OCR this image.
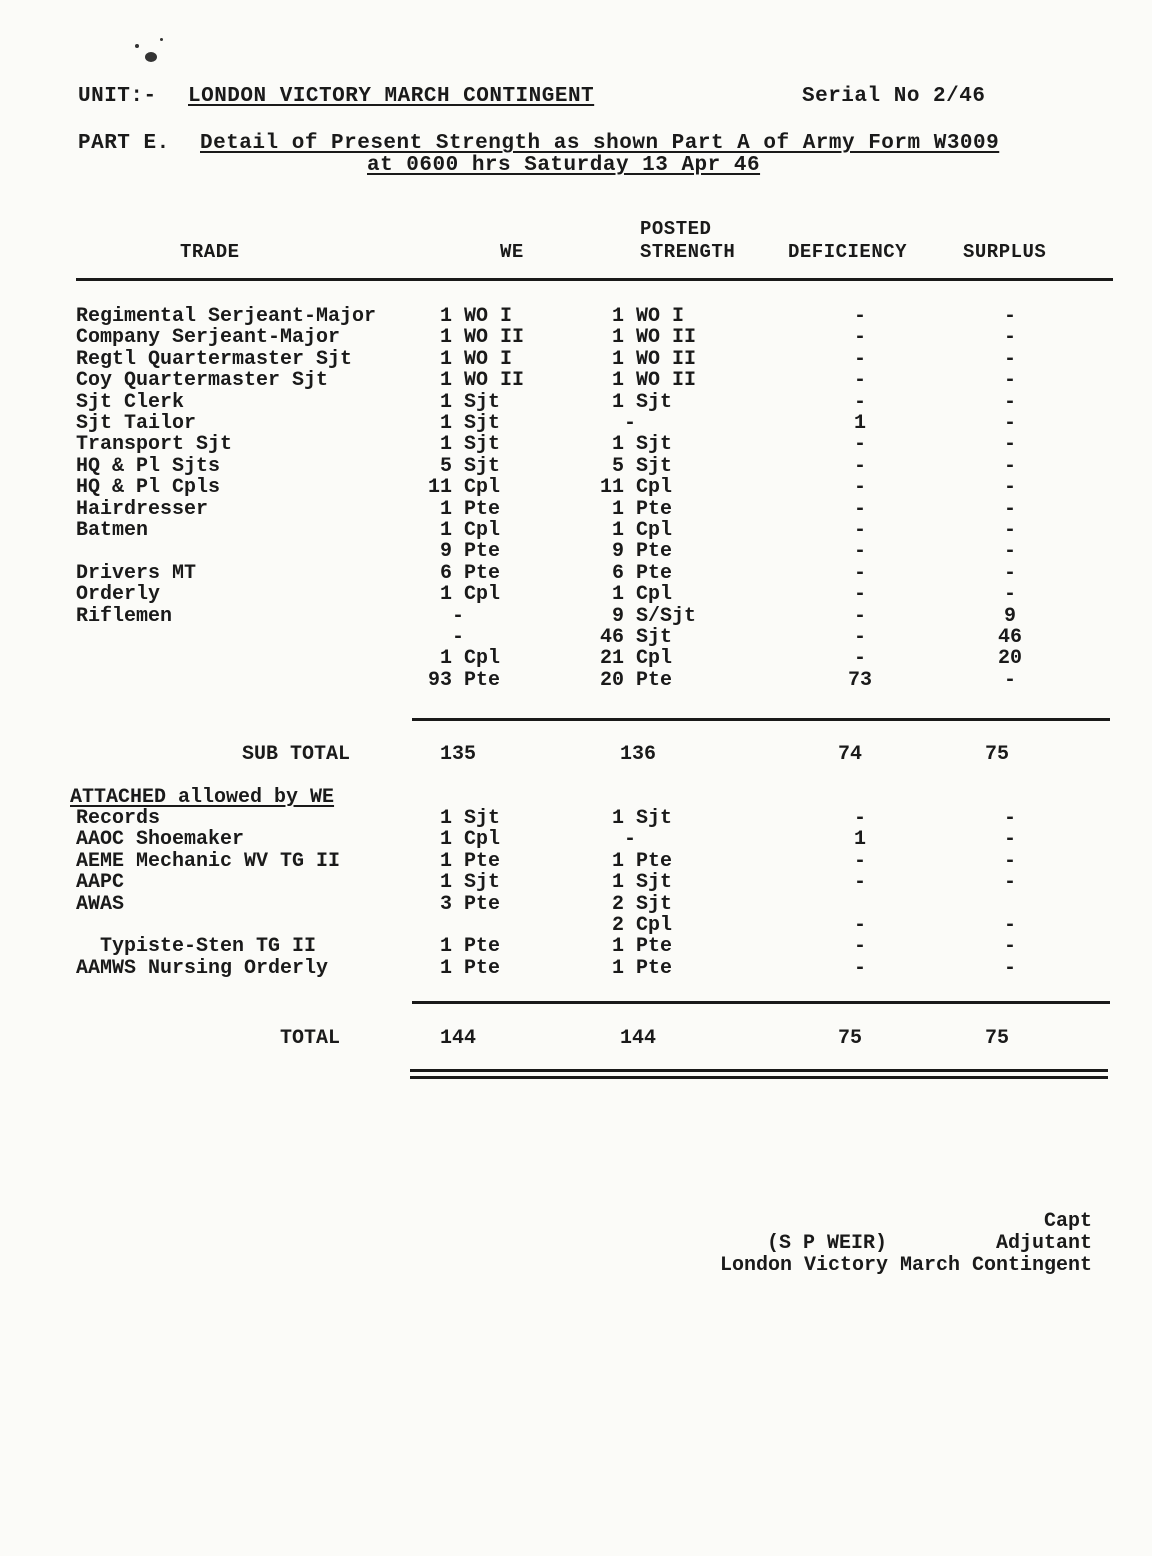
UNIT:- LONDON VICTORY MARCH CONTINGENT	Serial No 2/46
PART E. Detail of Present Strength as shown Part A of Army Form W3009
at 0600 hrs Saturday 13 Apr 46
TRADE	WE
POSTED
STRENGTH	DEFICIENCY	SURPLUS
Regimental Serjeant-Major	1 WO I	1 WO I	-	-
Company Serjeant-Major	1 WO II	1 WO II	-	-
Regtl Quartermaster Sjt	1 WO I	1 WO II	-	-
Coy Quartermaster Sjt	1 WO II	1 WO II	-	-
Sjt Clerk	1 Sjt	1 Sjt	-	-
Sjt Tailor	1 Sjt	-	1	-
Transport Sjt	1 Sjt	1 Sjt	-	-
HQ & Pl Sjts	5 Sjt	5 Sjt	-	-
HQ & Pl Cpls	11 Cpl	11 Cpl	-	-
Hairdresser	1 Pte	1 Pte	-	-
Batmen	1 Cpl	1 Cpl	-	-
9 Pte	9 Pte	-	-
Drivers MT	6 Pte	6 Pte	-	-
Orderly	1 Cpl	1 Cpl	-	-
Riflemen	-	9 S/Sjt	-	9
-	46 Sjt	-	46
1 Cpl	21 Cpl	-	20
93 Pte	20 Pte	73	-
SUB TOTAL	135	136	74	75
ATTACHED allowed by WE
Records	1 Sjt	1 Sjt	-	-
AAOC Shoemaker	1 Cpl	-	1	-
AEME Mechanic WV TG II	1 Pte	1 Pte	-	-
AAPC	1 Sjt	1 Sjt	-	-
AWAS	3 Pte	2 Sjt
2 Cpl	-	-
Typiste-Sten TG II	1 Pte	1 Pte	-	-
AAMWS Nursing Orderly	1 Pte	1 Pte	-	-
TOTAL	144	144	75	75
Capt
(S P WEIR)	Adjutant
London Victory March Contingent
